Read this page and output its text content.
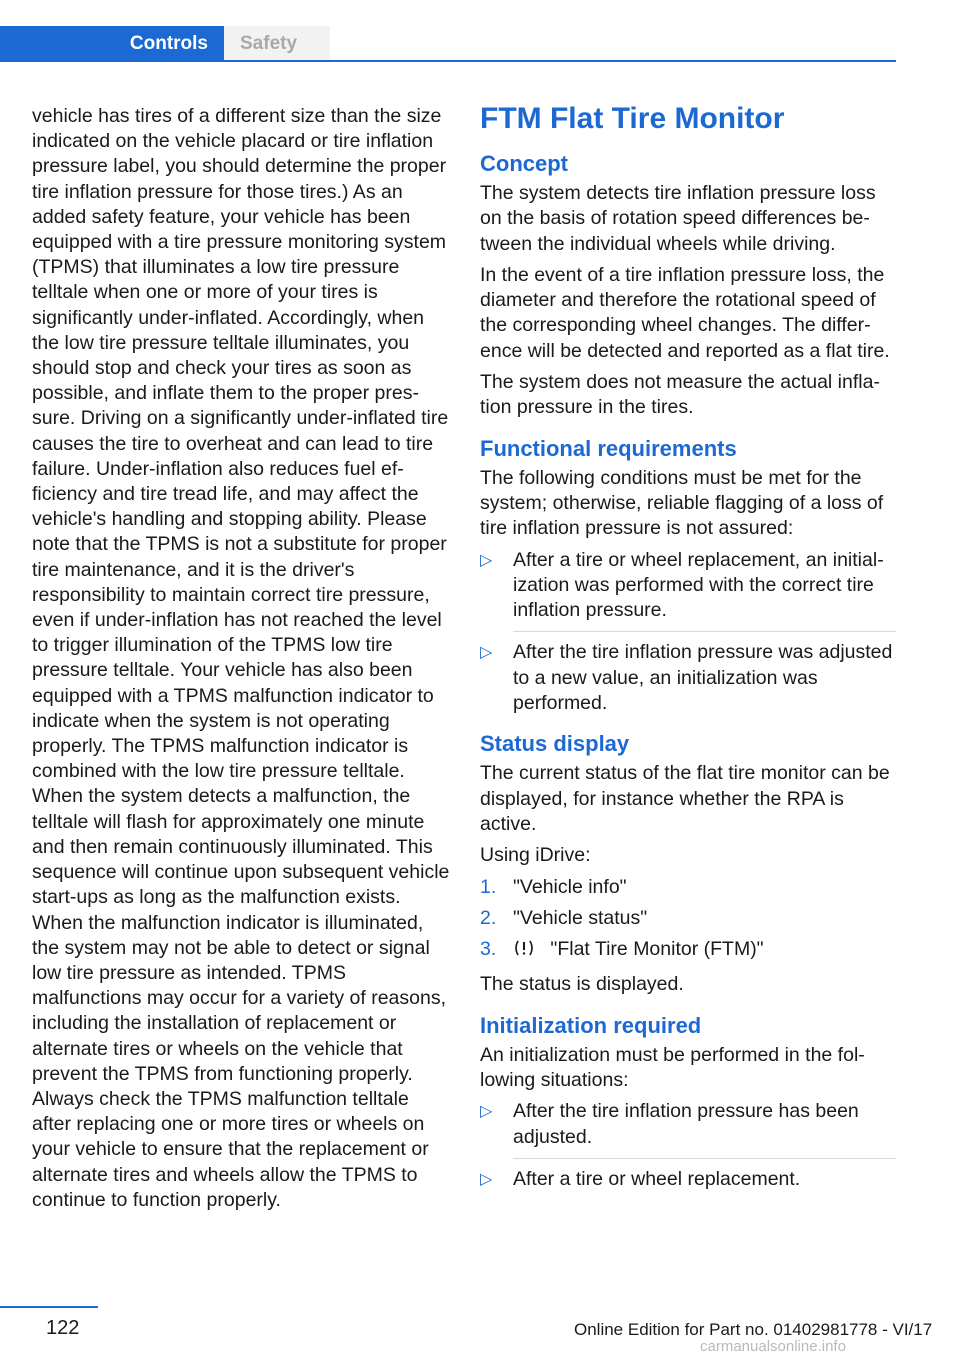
Controls	Safety

vehicle has tires of a different size than the size indicated on the vehicle placard or tire inflation pressure label, you should determine the proper tire inflation pressure for those tires.) As an added safety feature, your vehicle has been equipped with a tire pressure monitoring system (TPMS) that illuminates a low tire pressure telltale when one or more of your tires is significantly under-inflated. Accordingly, when the low tire pressure telltale illuminates, you should stop and check your tires as soon as possible, and inflate them to the proper pressure. Driving on a significantly under-inflated tire causes the tire to overheat and can lead to tire failure. Under-inflation also reduces fuel efficiency and tire tread life, and may affect the vehicle's handling and stopping ability. Please note that the TPMS is not a substitute for proper tire maintenance, and it is the driver's responsibility to maintain correct tire pressure, even if under-inflation has not reached the level to trigger illumination of the TPMS low tire pressure telltale. Your vehicle has also been equipped with a TPMS malfunction indicator to indicate when the system is not operating properly. The TPMS malfunction indicator is combined with the low tire pressure telltale. When the system detects a malfunction, the telltale will flash for approximately one minute and then remain continuously illuminated. This sequence will continue upon subsequent vehicle start-ups as long as the malfunction exists. When the malfunction indicator is illuminated, the system may not be able to detect or signal low tire pressure as intended. TPMS malfunctions may occur for a variety of reasons, including the installation of replacement or alternate tires or wheels on the vehicle that prevent the TPMS from functioning properly. Always check the TPMS malfunction telltale after replacing one or more tires or wheels on your vehicle to ensure that the replacement or alternate tires and wheels allow the TPMS to continue to function properly.

FTM Flat Tire Monitor
Concept

The system detects tire inflation pressure loss on the basis of rotation speed differences between the individual wheels while driving.

In the event of a tire inflation pressure loss, the diameter and therefore the rotational speed of the corresponding wheel changes. The difference will be detected and reported as a flat tire.

The system does not measure the actual inflation pressure in the tires.

Functional requirements

The following conditions must be met for the system; otherwise, reliable flagging of a loss of tire inflation pressure is not assured:

▷	After a tire or wheel replacement, an initialization was performed with the correct tire inflation pressure.
▷	After the tire inflation pressure was adjusted to a new value, an initialization was performed.
Status display

The current status of the flat tire monitor can be displayed, for instance whether the RPA is active.

Using iDrive:

1. "Vehicle info"
2. "Vehicle status"
3.	"Flat Tire Monitor (FTM)"

The status is displayed.

Initialization required

An initialization must be performed in the following situations:

▷	After the tire inflation pressure has been adjusted.
▷	After a tire or wheel replacement.
122	Online Edition for Part no. 01402981778 - VI/17
carmanualsonline.info
